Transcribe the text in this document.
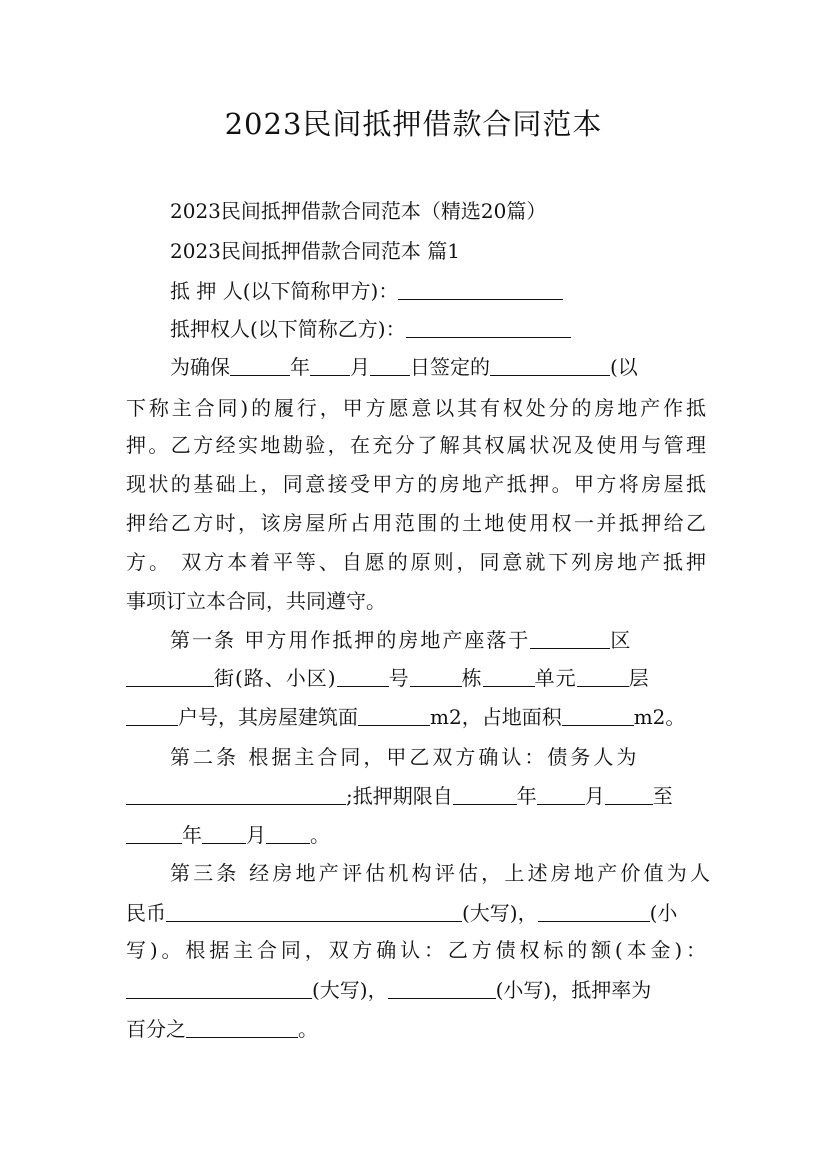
2023民间抵押借款合同范本
2023民间抵押借款合同范本（精选20篇）
2023民间抵押借款合同范本 篇1
抵 押 人(以下简称甲方)：
抵押权人(以下简称乙方)：
为确保	年 月 日签定的	(以
下称主合同)的履行，甲方愿意以其有权处分的房地产作抵
押。乙方经实地勘验，在充分了解其权属状况及使用与管理
现状的基础上，同意接受甲方的房地产抵押。甲方将房屋抵
押给乙方时，该房屋所占用范围的土地使用权一并抵押给乙
方。 双方本着平等、自愿的原则，同意就下列房地产抵押
事项订立本合同，共同遵守。
第一条 甲方用作抵押的房地产座落于	区
街(路、小区)	号	栋	单元	层
户号，其房屋建筑面	m2，占地面积	m2。
第二条 根据主合同，甲乙双方确认：债务人为
;抵押期限自	年 月 至
年 月 。
第三条 经房地产评估机构评估，上述房地产价值为人
民币	(大写)，	(小
写)。根据主合同，双方确认：乙方债权标的额(本金)：
(大写)，	(小写)，抵押率为
百分之	。
